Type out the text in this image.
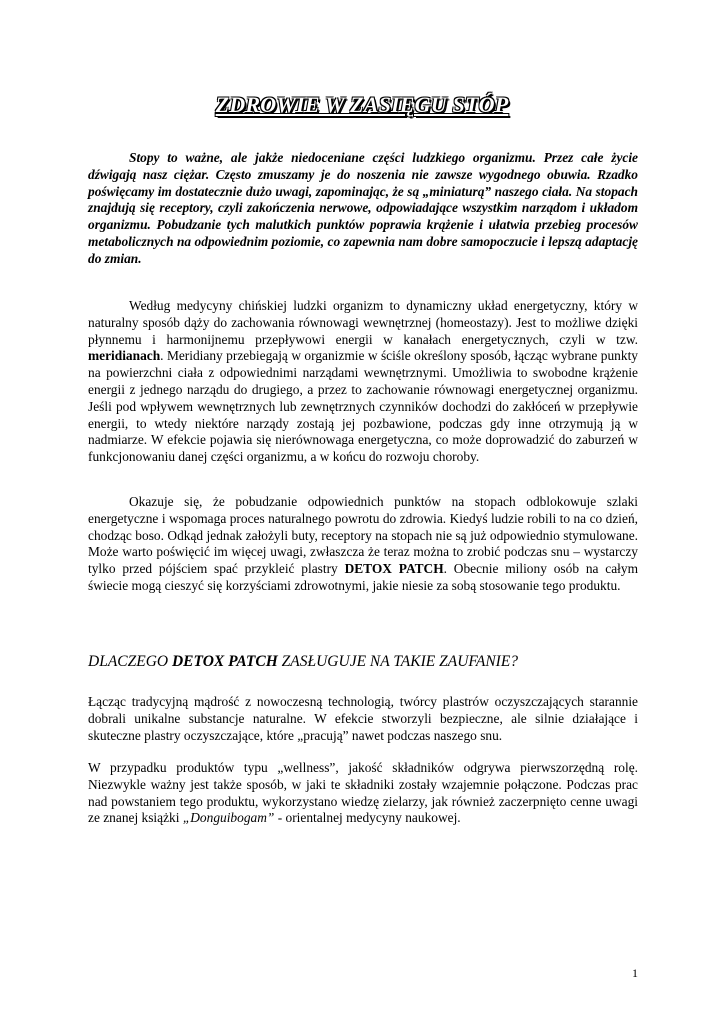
ZDROWIE W ZASIĘGU STÓP

Stopy to ważne, ale jakże niedoceniane części ludzkiego organizmu. Przez całe życie dźwigają nasz ciężar. Często zmuszamy je do noszenia nie zawsze wygodnego obuwia. Rzadko poświęcamy im dostatecznie dużo uwagi, zapominając, że są „miniaturą” naszego ciała. Na stopach znajdują się receptory, czyli zakończenia nerwowe, odpowiadające wszystkim narządom i układom organizmu. Pobudzanie tych malutkich punktów poprawia krążenie i ułatwia przebieg procesów metabolicznych na odpowiednim poziomie, co zapewnia nam dobre samopoczucie i lepszą adaptację do zmian.

Według medycyny chińskiej ludzki organizm to dynamiczny układ energetyczny, który w naturalny sposób dąży do zachowania równowagi wewnętrznej (homeostazy). Jest to możliwe dzięki płynnemu i harmonijnemu przepływowi energii w kanałach energetycznych, czyli w tzw. meridianach. Meridiany przebiegają w organizmie w ściśle określony sposób, łącząc wybrane punkty na powierzchni ciała z odpowiednimi narządami wewnętrznymi. Umożliwia to swobodne krążenie energii z jednego narządu do drugiego, a przez to zachowanie równowagi energetycznej organizmu. Jeśli pod wpływem wewnętrznych lub zewnętrznych czynników dochodzi do zakłóceń w przepływie energii, to wtedy niektóre narządy zostają jej pozbawione, podczas gdy inne otrzymują ją w nadmiarze. W efekcie pojawia się nierównowaga energetyczna, co może doprowadzić do zaburzeń w funkcjonowaniu danej części organizmu, a w końcu do rozwoju choroby.

Okazuje się, że pobudzanie odpowiednich punktów na stopach odblokowuje szlaki energetyczne i wspomaga proces naturalnego powrotu do zdrowia. Kiedyś ludzie robili to na co dzień, chodząc boso. Odkąd jednak założyli buty, receptory na stopach nie są już odpowiednio stymulowane. Może warto poświęcić im więcej uwagi, zwłaszcza że teraz można to zrobić podczas snu – wystarczy tylko przed pójściem spać przykleić plastry DETOX PATCH. Obecnie miliony osób na całym świecie mogą cieszyć się korzyściami zdrowotnymi, jakie niesie za sobą stosowanie tego produktu.

DLACZEGO DETOX PATCH ZASŁUGUJE NA TAKIE ZAUFANIE?

Łącząc tradycyjną mądrość z nowoczesną technologią, twórcy plastrów oczyszczających starannie dobrali unikalne substancje naturalne. W efekcie stworzyli bezpieczne, ale silnie działające i skuteczne plastry oczyszczające, które „pracują” nawet podczas naszego snu.

W przypadku produktów typu „wellness”, jakość składników odgrywa pierwszorzędną rolę. Niezwykle ważny jest także sposób, w jaki te składniki zostały wzajemnie połączone. Podczas prac nad powstaniem tego produktu, wykorzystano wiedzę zielarzy, jak również zaczerpnięto cenne uwagi ze znanej książki „Donguibogam” - orientalnej medycyny naukowej.

1
